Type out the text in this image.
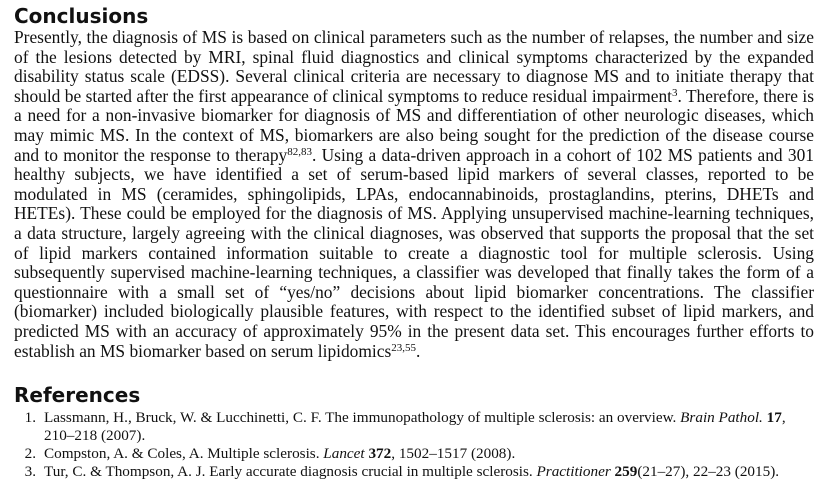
Conclusions

Presently, the diagnosis of MS is based on clinical parameters such as the number of relapses, the number and size of the lesions detected by MRI, spinal fluid diagnostics and clinical symptoms characterized by the expanded disability status scale (EDSS). Several clinical criteria are necessary to diagnose MS and to initiate therapy that should be started after the first appearance of clinical symptoms to reduce residual impairment$^3$. Therefore, there is a need for a non-invasive biomarker for diagnosis of MS and differentiation of other neurologic diseases, which may mimic MS. In the context of MS, biomarkers are also being sought for the prediction of the disease course and to monitor the response to therapy$^{82,83}$. Using a data-driven approach in a cohort of 102 MS patients and 301 healthy subjects, we have identified a set of serum-based lipid markers of several classes, reported to be modulated in MS (ceramides, sphingolipids, LPAs, endocannabinoids, prostaglandins, pterins, DHETs and HETEs). These could be employed for the diagnosis of MS. Applying unsupervised machine-learning techniques, a data structure, largely agreeing with the clinical diagnoses, was observed that supports the proposal that the set of lipid markers contained information suitable to create a diagnostic tool for multiple sclerosis. Using subsequently supervised machine-learning techniques, a classifier was developed that finally takes the form of a questionnaire with a small set of “yes/no” decisions about lipid biomarker concentrations. The classifier (biomarker) included biologically plausible features, with respect to the identified subset of lipid markers, and predicted MS with an accuracy of approximately 95% in the present data set. This encourages further efforts to establish an MS biomarker based on serum lipidomics$^{23,55}$.

References
1. Lassmann, H., Bruck, W. & Lucchinetti, C. F. The immunopathology of multiple sclerosis: an overview. Brain Pathol. 17, 210–218 (2007).
2. Compston, A. & Coles, A. Multiple sclerosis. Lancet 372, 1502–1517 (2008).
3. Tur, C. & Thompson, A. J. Early accurate diagnosis crucial in multiple sclerosis. Practitioner 259(21–27), 22–23 (2015).
